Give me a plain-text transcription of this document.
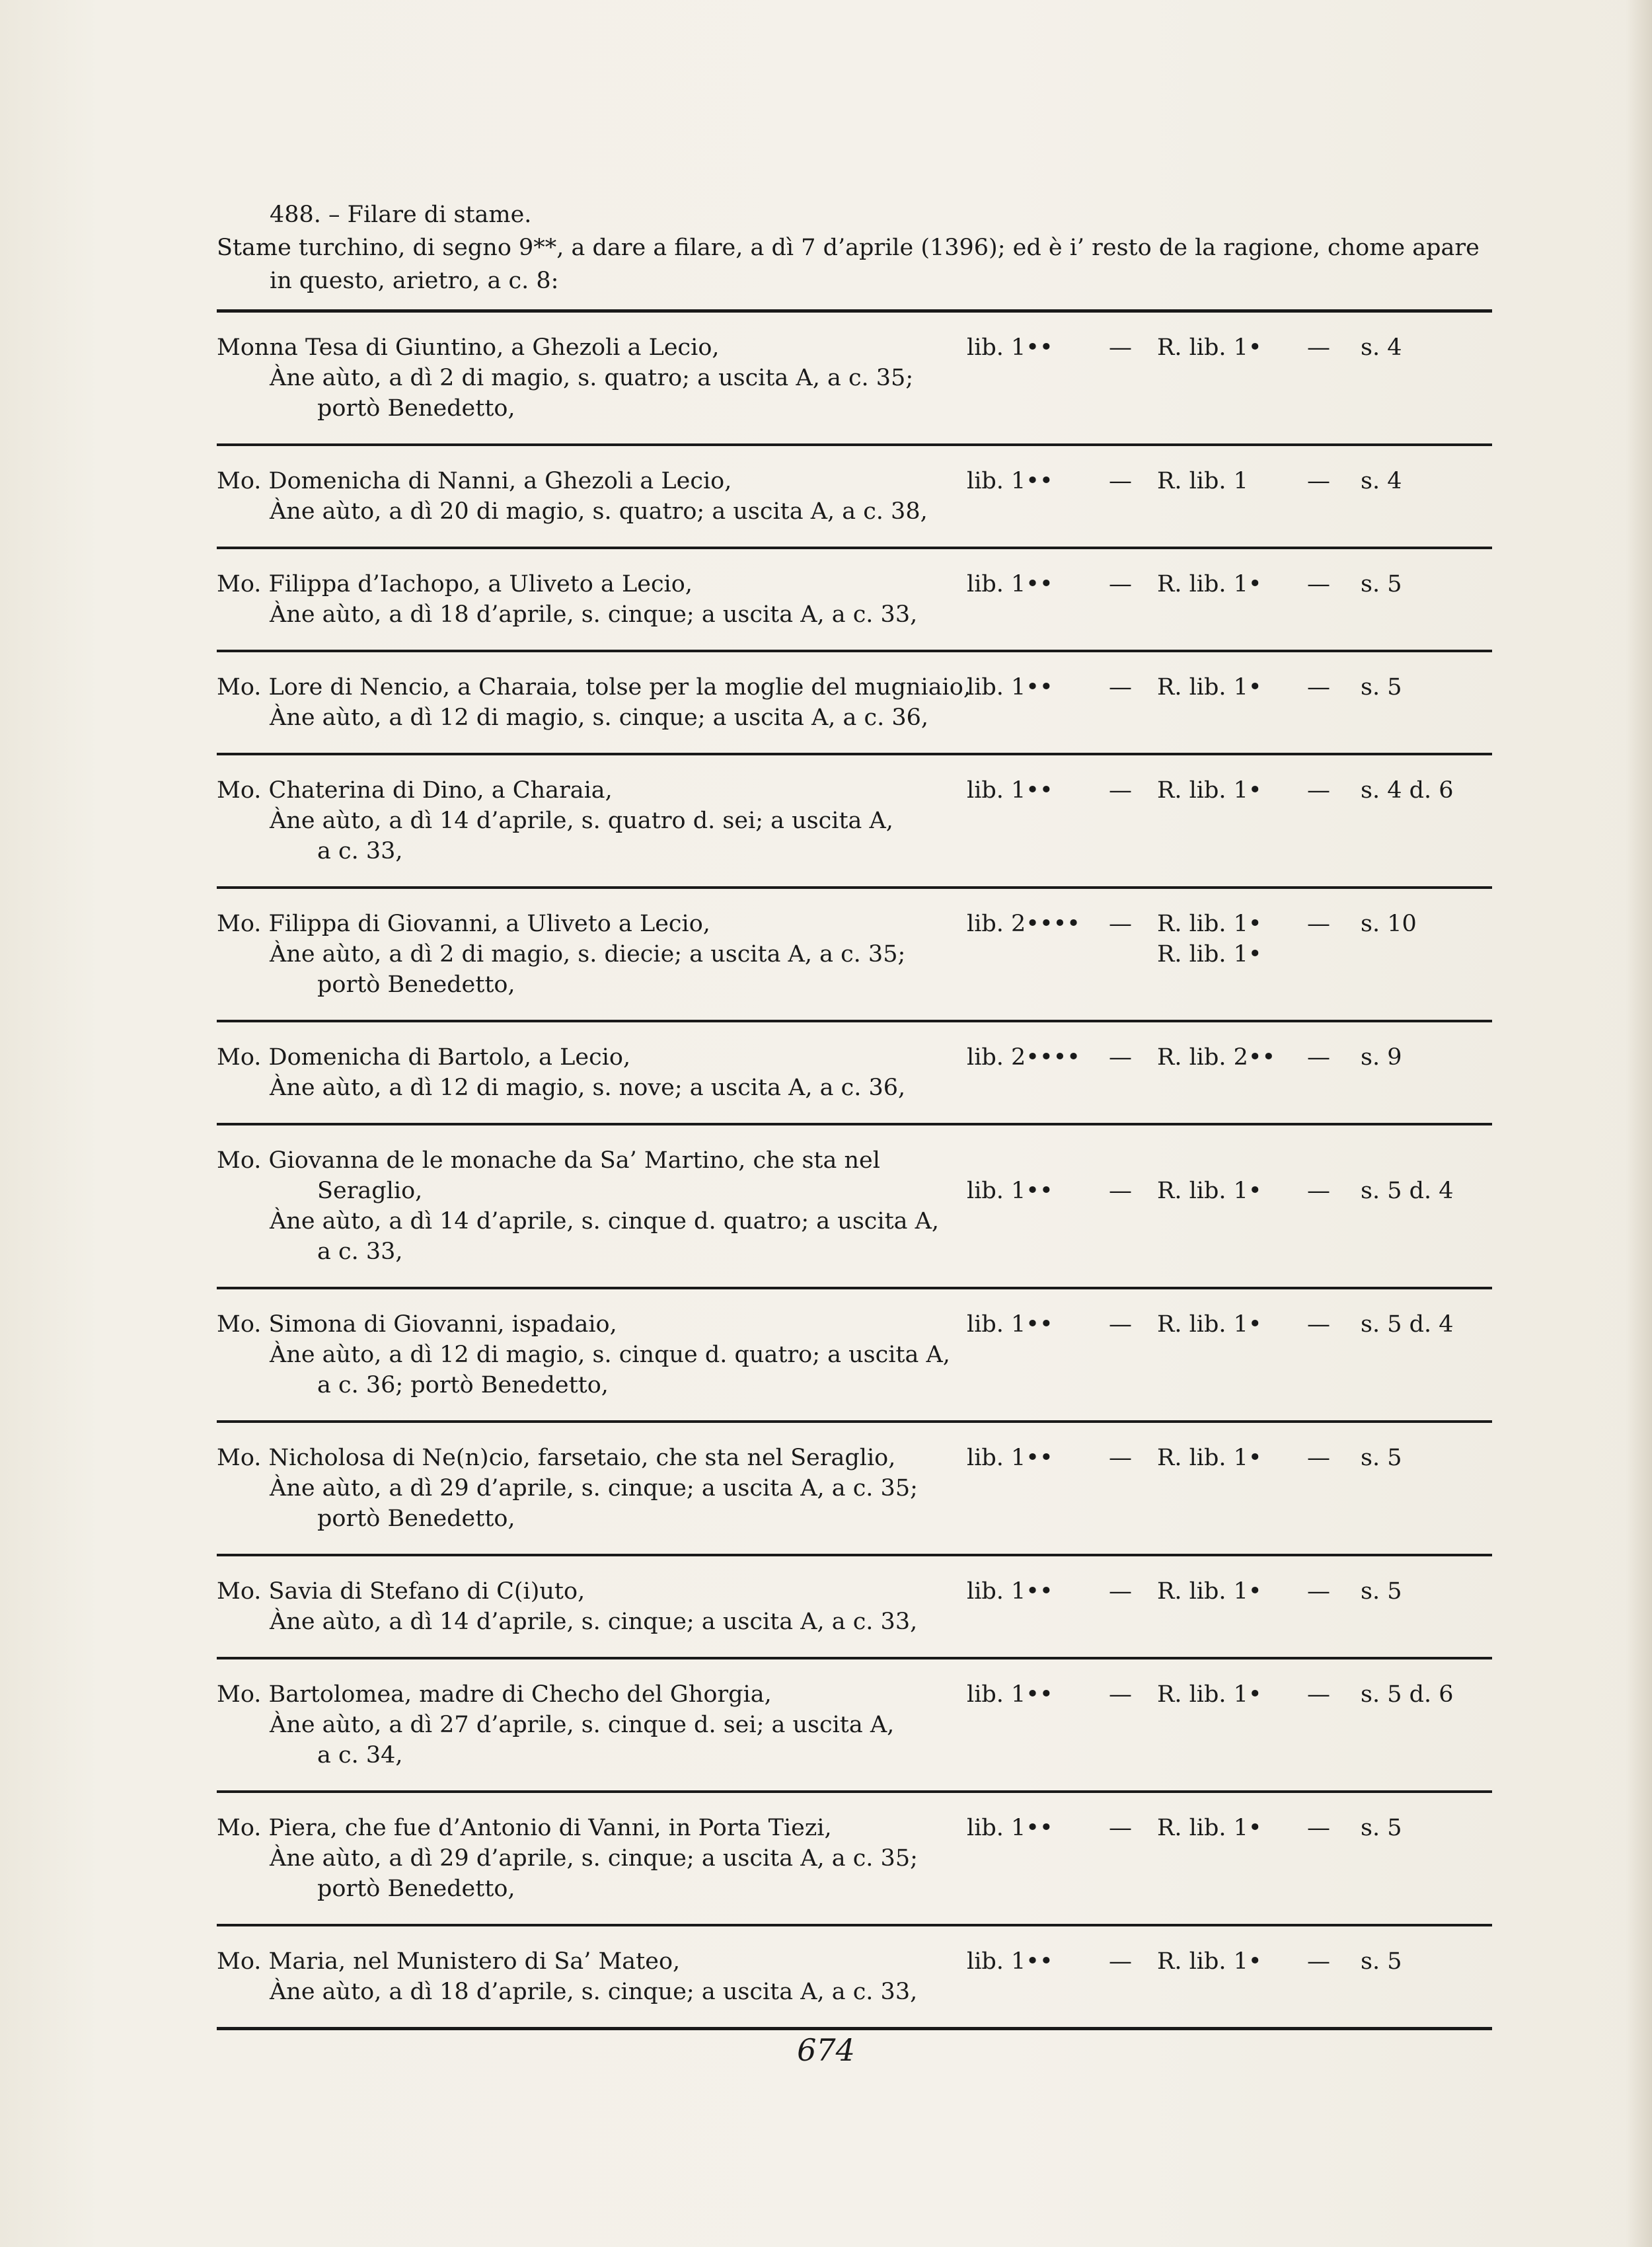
488. – Filare di stame.
Stame turchino, di segno 9**, a dare a filare, a dì 7 d’aprile (1396); ed è i’ resto de la ragione, chome apare
in questo, arietro, a c. 8:
Monna Tesa di Giuntino, a Ghezoli a Lecio,	lib. 1•• — R. lib. 1• — s. 4
Àne aùto, a dì 2 di magio, s. quatro; a uscita A, a c. 35;
portò Benedetto,
Mo. Domenicha di Nanni, a Ghezoli a Lecio,	lib. 1•• — R. lib. 1	— s. 4
Àne aùto, a dì 20 di magio, s. quatro; a uscita A, a c. 38,
Mo. Filippa d’Iachopo, a Uliveto a Lecio,	lib. 1•• — R. lib. 1• — s. 5
Àne aùto, a dì 18 d’aprile, s. cinque; a uscita A, a c. 33,
Mo. Lore di Nencio, a Charaia, tolse per la moglie del mugniaio,
lib. 1•• — R. lib. 1• — s. 5
Àne aùto, a dì 12 di magio, s. cinque; a uscita A, a c. 36,
Mo. Chaterina di Dino, a Charaia,	lib. 1•• — R. lib. 1• — s. 4 d. 6
Àne aùto, a dì 14 d’aprile, s. quatro d. sei; a uscita A,
a c. 33,
Mo. Filippa di Giovanni, a Uliveto a Lecio,	lib. 2•••• — R. lib. 1• — s. 10
Àne aùto, a dì 2 di magio, s. diecie; a uscita A, a c. 35;	R. lib. 1•
portò Benedetto,
Mo. Domenicha di Bartolo, a Lecio,	lib. 2•••• — R. lib. 2•• — s. 9
Àne aùto, a dì 12 di magio, s. nove; a uscita A, a c. 36,
Mo. Giovanna de le monache da Sa’ Martino, che sta nel
Seraglio,	lib. 1•• — R. lib. 1• — s. 5 d. 4
Àne aùto, a dì 14 d’aprile, s. cinque d. quatro; a uscita A,
a c. 33,
Mo. Simona di Giovanni, ispadaio,	lib. 1•• — R. lib. 1• — s. 5 d. 4
Àne aùto, a dì 12 di magio, s. cinque d. quatro; a uscita A,
a c. 36; portò Benedetto,
Mo. Nicholosa di Ne(n)cio, farsetaio, che sta nel Seraglio,	lib. 1•• — R. lib. 1• — s. 5
Àne aùto, a dì 29 d’aprile, s. cinque; a uscita A, a c. 35;
portò Benedetto,
Mo. Savia di Stefano di C(i)uto,	lib. 1•• — R. lib. 1• — s. 5
Àne aùto, a dì 14 d’aprile, s. cinque; a uscita A, a c. 33,
Mo. Bartolomea, madre di Checho del Ghorgia,	lib. 1•• — R. lib. 1• — s. 5 d. 6
Àne aùto, a dì 27 d’aprile, s. cinque d. sei; a uscita A,
a c. 34,
Mo. Piera, che fue d’Antonio di Vanni, in Porta Tiezi,	lib. 1•• — R. lib. 1• — s. 5
Àne aùto, a dì 29 d’aprile, s. cinque; a uscita A, a c. 35;
portò Benedetto,
Mo. Maria, nel Munistero di Sa’ Mateo,	lib. 1•• — R. lib. 1• — s. 5
Àne aùto, a dì 18 d’aprile, s. cinque; a uscita A, a c. 33,
674
